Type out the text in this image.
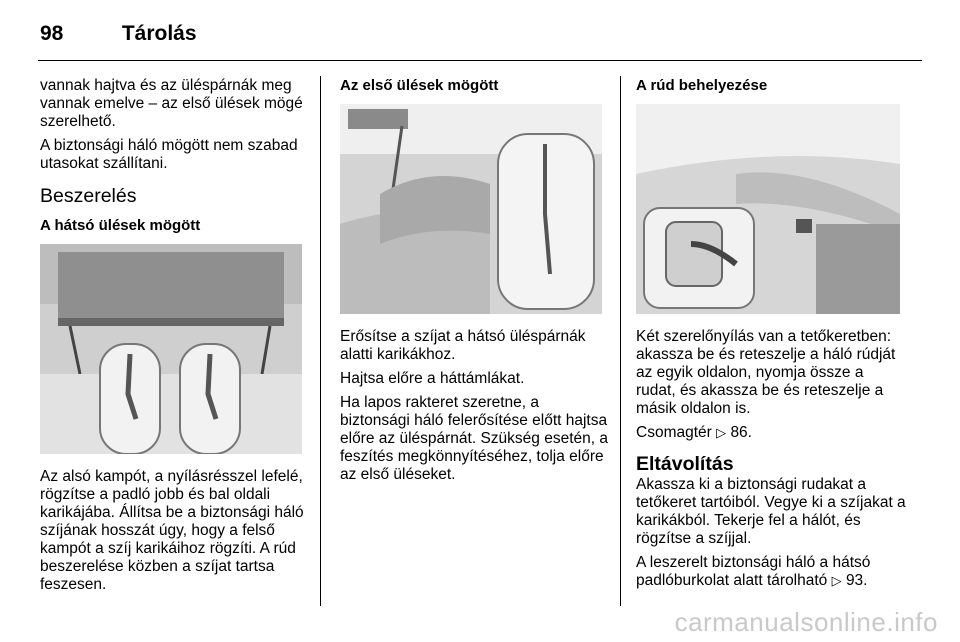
98	Tárolás

vannak hajtva és az üléspárnák meg vannak emelve – az első ülések mögé szerelhető.

A biztonsági háló mögött nem szabad utasokat szállítani.

Beszerelés
A hátsó ülések mögött

Az alsó kampót, a nyílásrésszel lefelé, rögzítse a padló jobb és bal oldali karikájába. Állítsa be a biztonsági háló szíjának hosszát úgy, hogy a felső kampót a szíj karikáihoz rögzíti. A rúd beszerelése közben a szíjat tartsa feszesen.

Az első ülések mögött

Erősítse a szíjat a hátsó üléspárnák alatti karikákhoz.

Hajtsa előre a háttámlákat.

Ha lapos rakteret szeretne, a biztonsági háló felerősítése előtt hajtsa előre az üléspárnát. Szükség esetén, a feszítés megkönnyítéséhez, tolja előre az első üléseket.

A rúd behelyezése

Két szerelőnyílás van a tetőkeretben: akassza be és reteszelje a háló rúdját az egyik oldalon, nyomja össze a rudat, és akassza be és reteszelje a másik oldalon is.

Csomagtér ▷ 86.

Eltávolítás

Akassza ki a biztonsági rudakat a tetőkeret tartóiból. Vegye ki a szíjakat a karikákból. Tekerje fel a hálót, és rögzítse a szíjjal.

A leszerelt biztonsági háló a hátsó padlóburkolat alatt tárolható ▷ 93.

carmanualsonline.info
